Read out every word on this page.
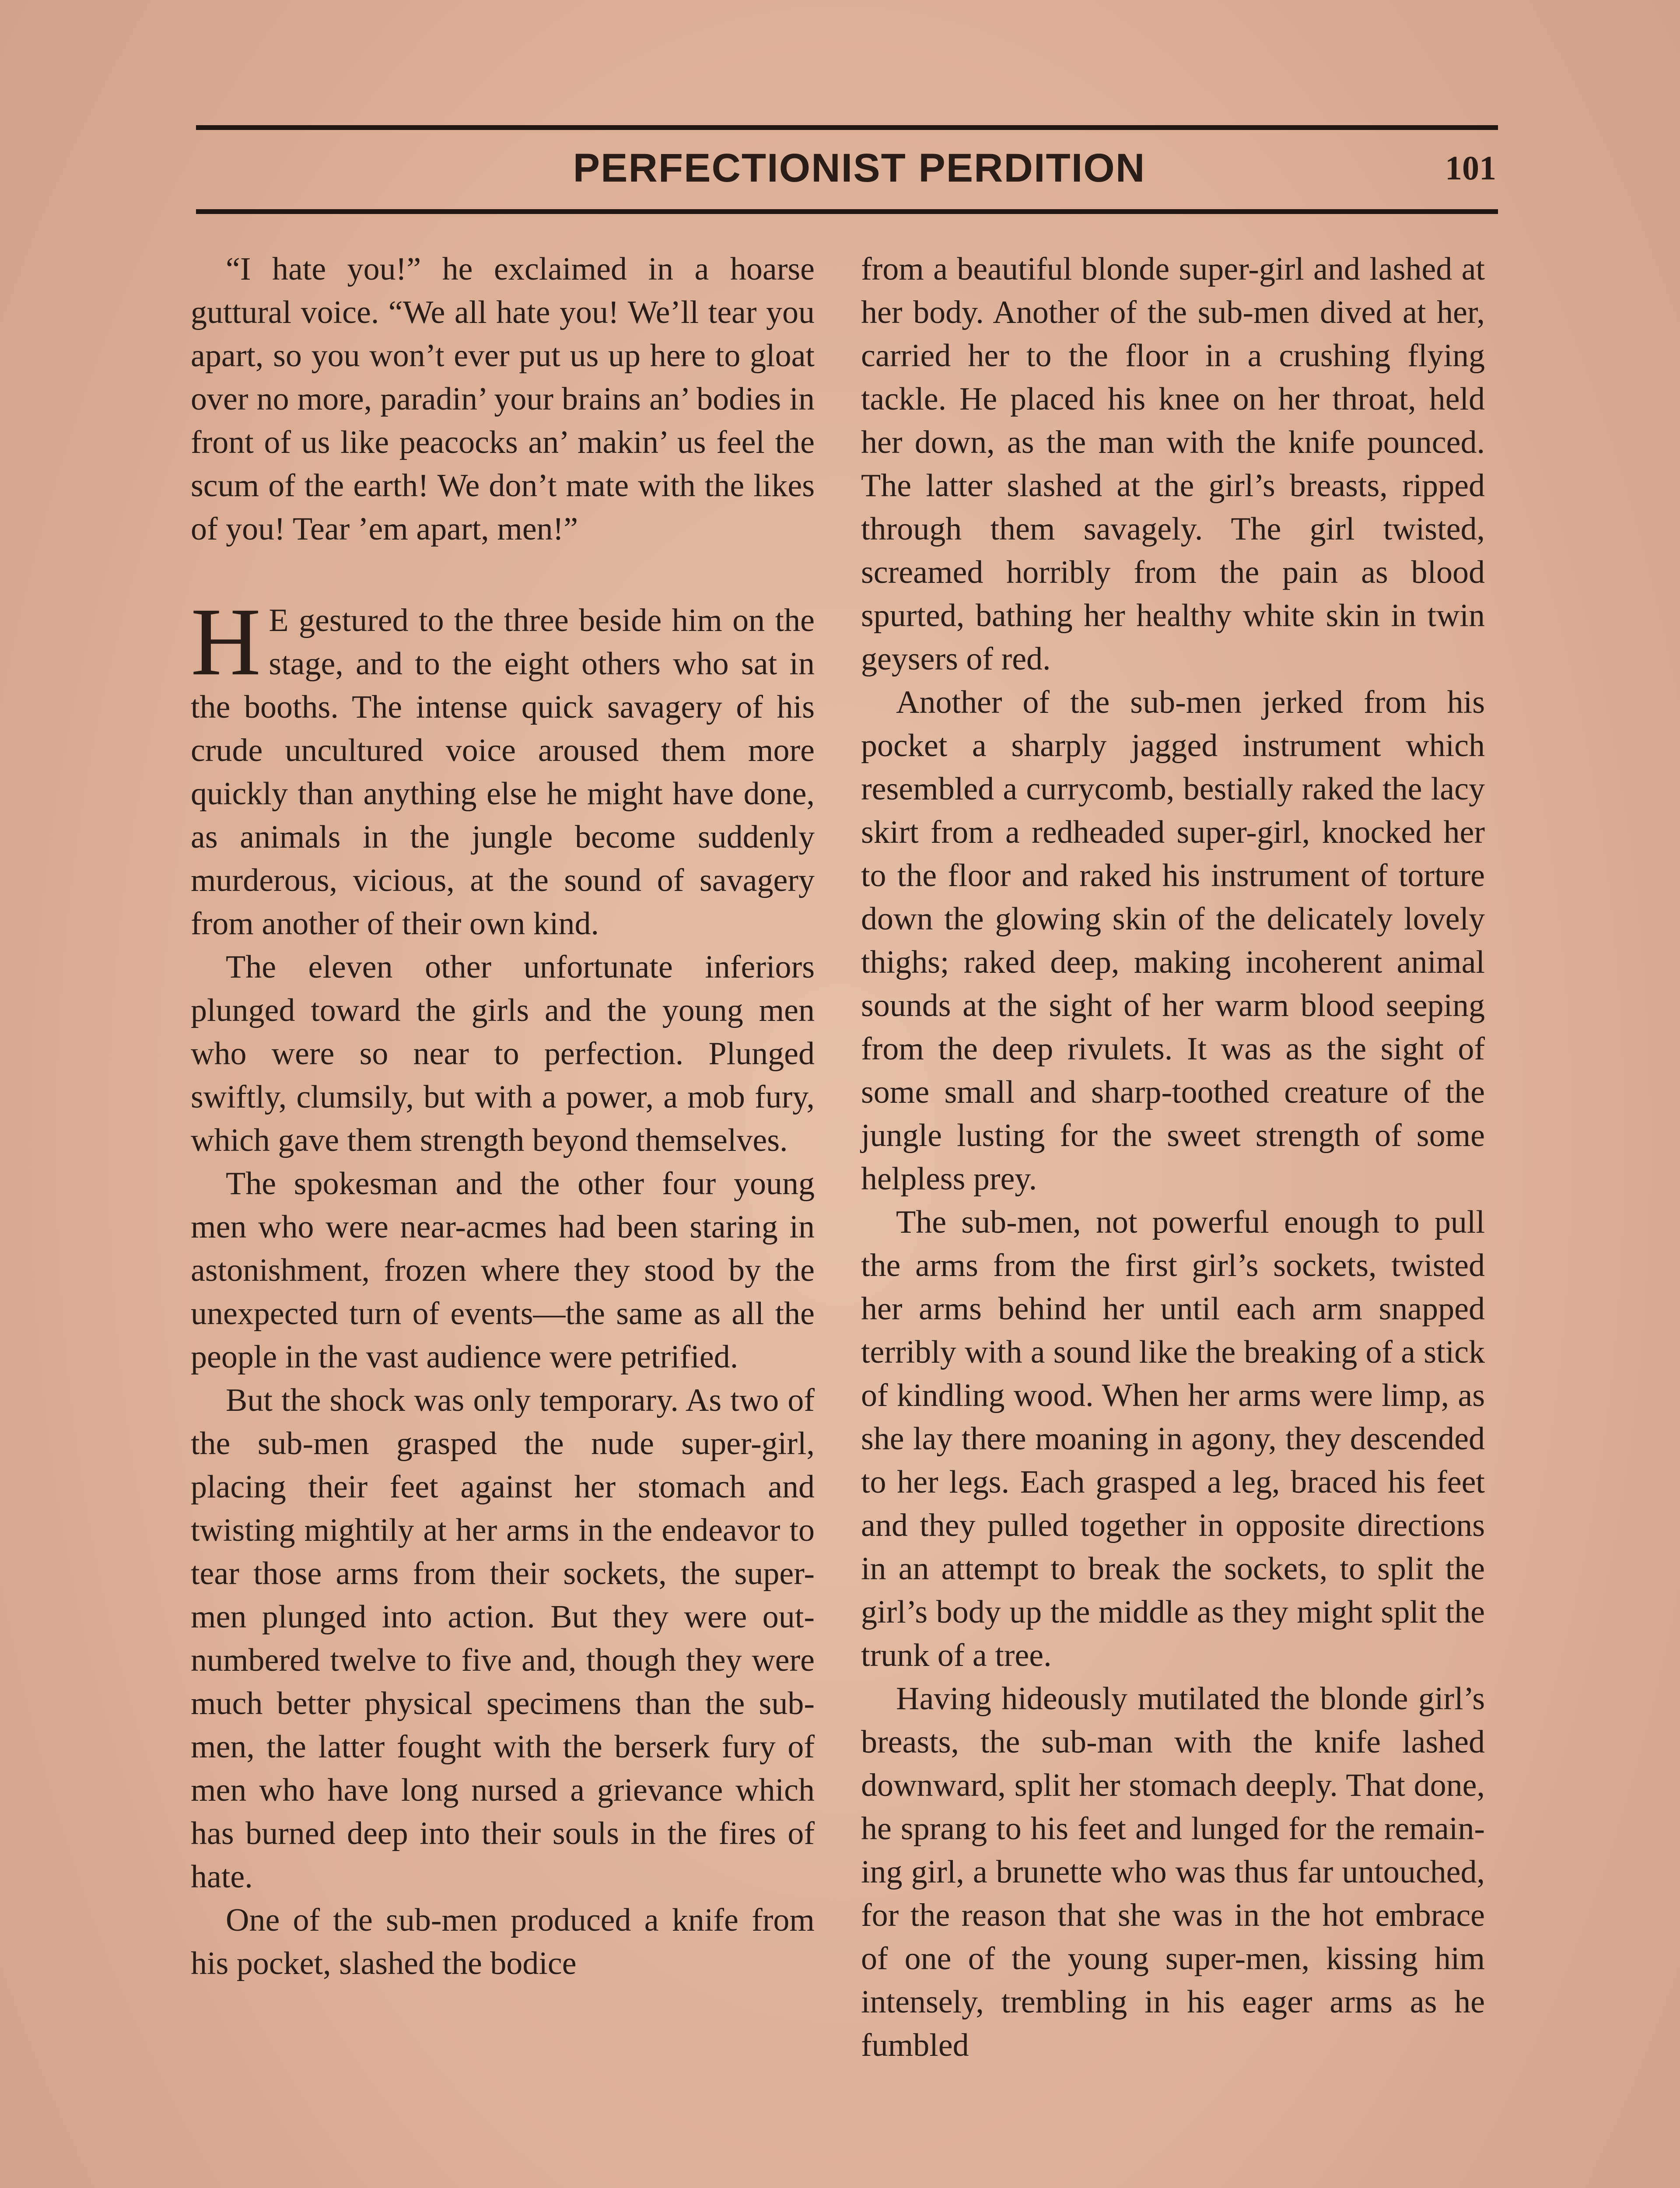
PERFECTIONIST PERDITION	101

“I hate you!” he exclaimed in a hoarse guttural voice. “We all hate you! We’ll tear you apart, so you won’t ever put us up here to gloat over no more, paradin’ your brains an’ bodies in front of us like peacocks an’ makin’ us feel the scum of the earth! We don’t mate with the likes of you! Tear ’em apart, men!”

H E gestured to the three beside him on the stage, and to the eight others who sat in the booths. The intense quick savagery of his crude uncultured voice aroused them more quickly than anything else he might have done, as animals in the jungle become suddenly murderous, vicious, at the sound of savagery from another of their own kind.

The eleven other unfortunate inferiors plunged toward the girls and the young men who were so near to perfection. Plunged swiftly, clumsily, but with a power, a mob fury, which gave them strength beyond themselves.

The spokesman and the other four young men who were near-acmes had been staring in astonishment, frozen where they stood by the unexpected turn of events—the same as all the people in the vast audience were petrified.

But the shock was only temporary. As two of the sub-men grasped the nude super-girl, placing their feet against her stomach and twisting mightily at her arms in the endeavor to tear those arms from their sockets, the super-men plunged into action. But they were outnumbered twelve to five and, though they were much better physical specimens than the sub-men, the latter fought with the berserk fury of men who have long nursed a grievance which has burned deep into their souls in the fires of hate.

One of the sub-men produced a knife from his pocket, slashed the bodice

from a beautiful blonde super-girl and lashed at her body. Another of the sub-men dived at her, carried her to the floor in a crushing flying tackle. He placed his knee on her throat, held her down, as the man with the knife pounced. The latter slashed at the girl’s breasts, ripped through them savagely. The girl twisted, screamed horribly from the pain as blood spurted, bathing her healthy white skin in twin geysers of red.

Another of the sub-men jerked from his pocket a sharply jagged instrument which resembled a currycomb, bestially raked the lacy skirt from a redheaded super-girl, knocked her to the floor and raked his instrument of torture down the glowing skin of the delicately lovely thighs; raked deep, making incoherent animal sounds at the sight of her warm blood seeping from the deep rivulets. It was as the sight of some small and sharp-toothed creature of the jungle lusting for the sweet strength of some helpless prey.

The sub-men, not powerful enough to pull the arms from the first girl’s sockets, twisted her arms behind her until each arm snapped terribly with a sound like the breaking of a stick of kindling wood. When her arms were limp, as she lay there moaning in agony, they descended to her legs. Each grasped a leg, braced his feet and they pulled together in opposite directions in an attempt to break the sockets, to split the girl’s body up the middle as they might split the trunk of a tree.

Having hideously mutilated the blonde girl’s breasts, the sub-man with the knife lashed downward, split her stomach deeply. That done, he sprang to his feet and lunged for the remaining girl, a brunette who was thus far untouched, for the reason that she was in the hot embrace of one of the young super-men, kissing him intensely, trembling in his eager arms as he fumbled
